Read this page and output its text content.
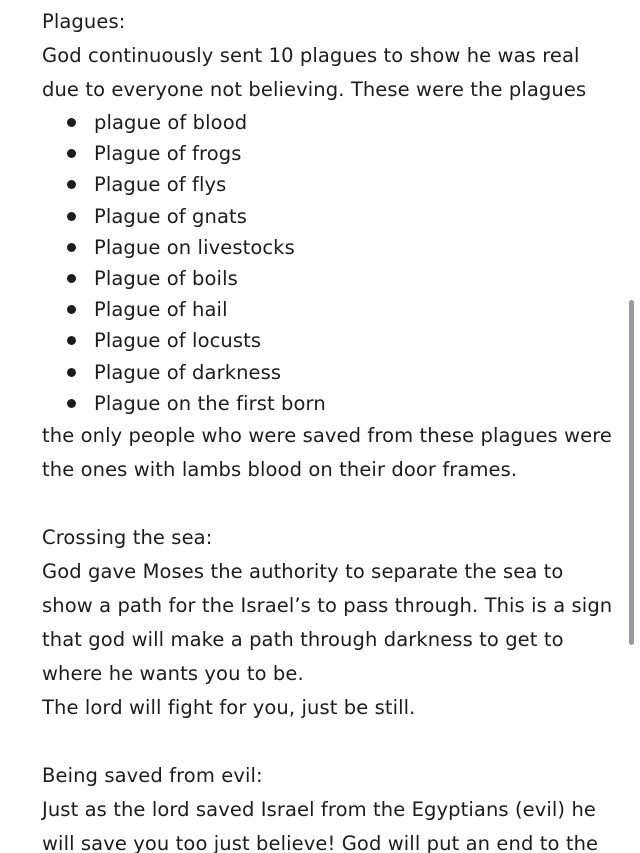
Plagues:
God continuously sent 10 plagues to show he was real
due to everyone not believing. These were the plagues
plague of blood
Plague of frogs
Plague of flys
Plague of gnats
Plague on livestocks
Plague of boils
Plague of hail
Plague of locusts
Plague of darkness
Plague on the first born
the only people who were saved from these plagues were
the ones with lambs blood on their door frames.
Crossing the sea:
God gave Moses the authority to separate the sea to
show a path for the Israel’s to pass through. This is a sign
that god will make a path through darkness to get to
where he wants you to be.
The lord will fight for you, just be still.
Being saved from evil:
Just as the lord saved Israel from the Egyptians (evil) he
will save you too just believe! God will put an end to the
